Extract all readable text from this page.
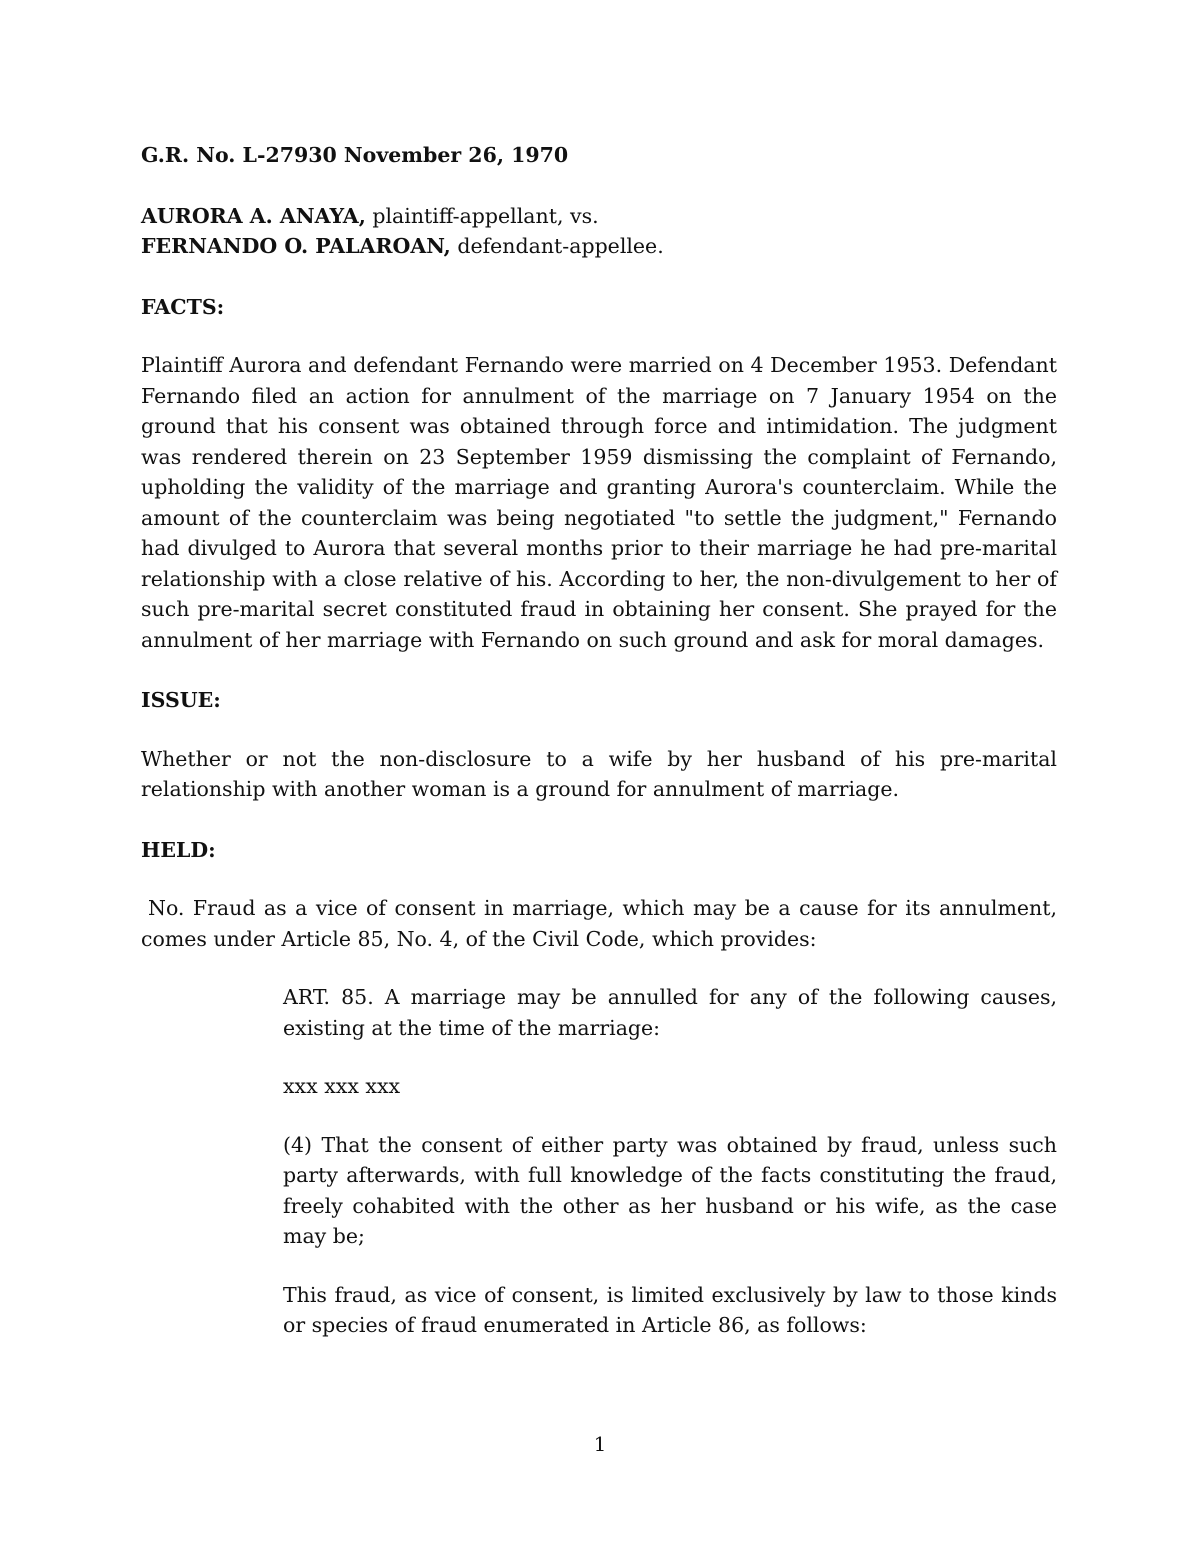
G.R. No. L-27930 November 26, 1970

AURORA A. ANAYA, plaintiff-appellant, vs.

FERNANDO O. PALAROAN, defendant-appellee.

FACTS:

Plaintiff Aurora and defendant Fernando were married on 4 December 1953. Defendant Fernando filed an action for annulment of the marriage on 7 January 1954 on the ground that his consent was obtained through force and intimidation. The judgment was rendered therein on 23 September 1959 dismissing the complaint of Fernando, upholding the validity of the marriage and granting Aurora's counterclaim. While the amount of the counterclaim was being negotiated "to settle the judgment," Fernando had divulged to Aurora that several months prior to their marriage he had pre-marital relationship with a close relative of his. According to her, the non-divulgement to her of such pre-marital secret constituted fraud in obtaining her consent. She prayed for the annulment of her marriage with Fernando on such ground and ask for moral damages.

ISSUE:

Whether or not the non-disclosure to a wife by her husband of his pre-marital relationship with another woman is a ground for annulment of marriage.

HELD:

No. Fraud as a vice of consent in marriage, which may be a cause for its annulment, comes under Article 85, No. 4, of the Civil Code, which provides:

ART. 85. A marriage may be annulled for any of the following causes, existing at the time of the marriage:

xxx xxx xxx

(4) That the consent of either party was obtained by fraud, unless such party afterwards, with full knowledge of the facts constituting the fraud, freely cohabited with the other as her husband or his wife, as the case may be;

This fraud, as vice of consent, is limited exclusively by law to those kinds or species of fraud enumerated in Article 86, as follows:

1
